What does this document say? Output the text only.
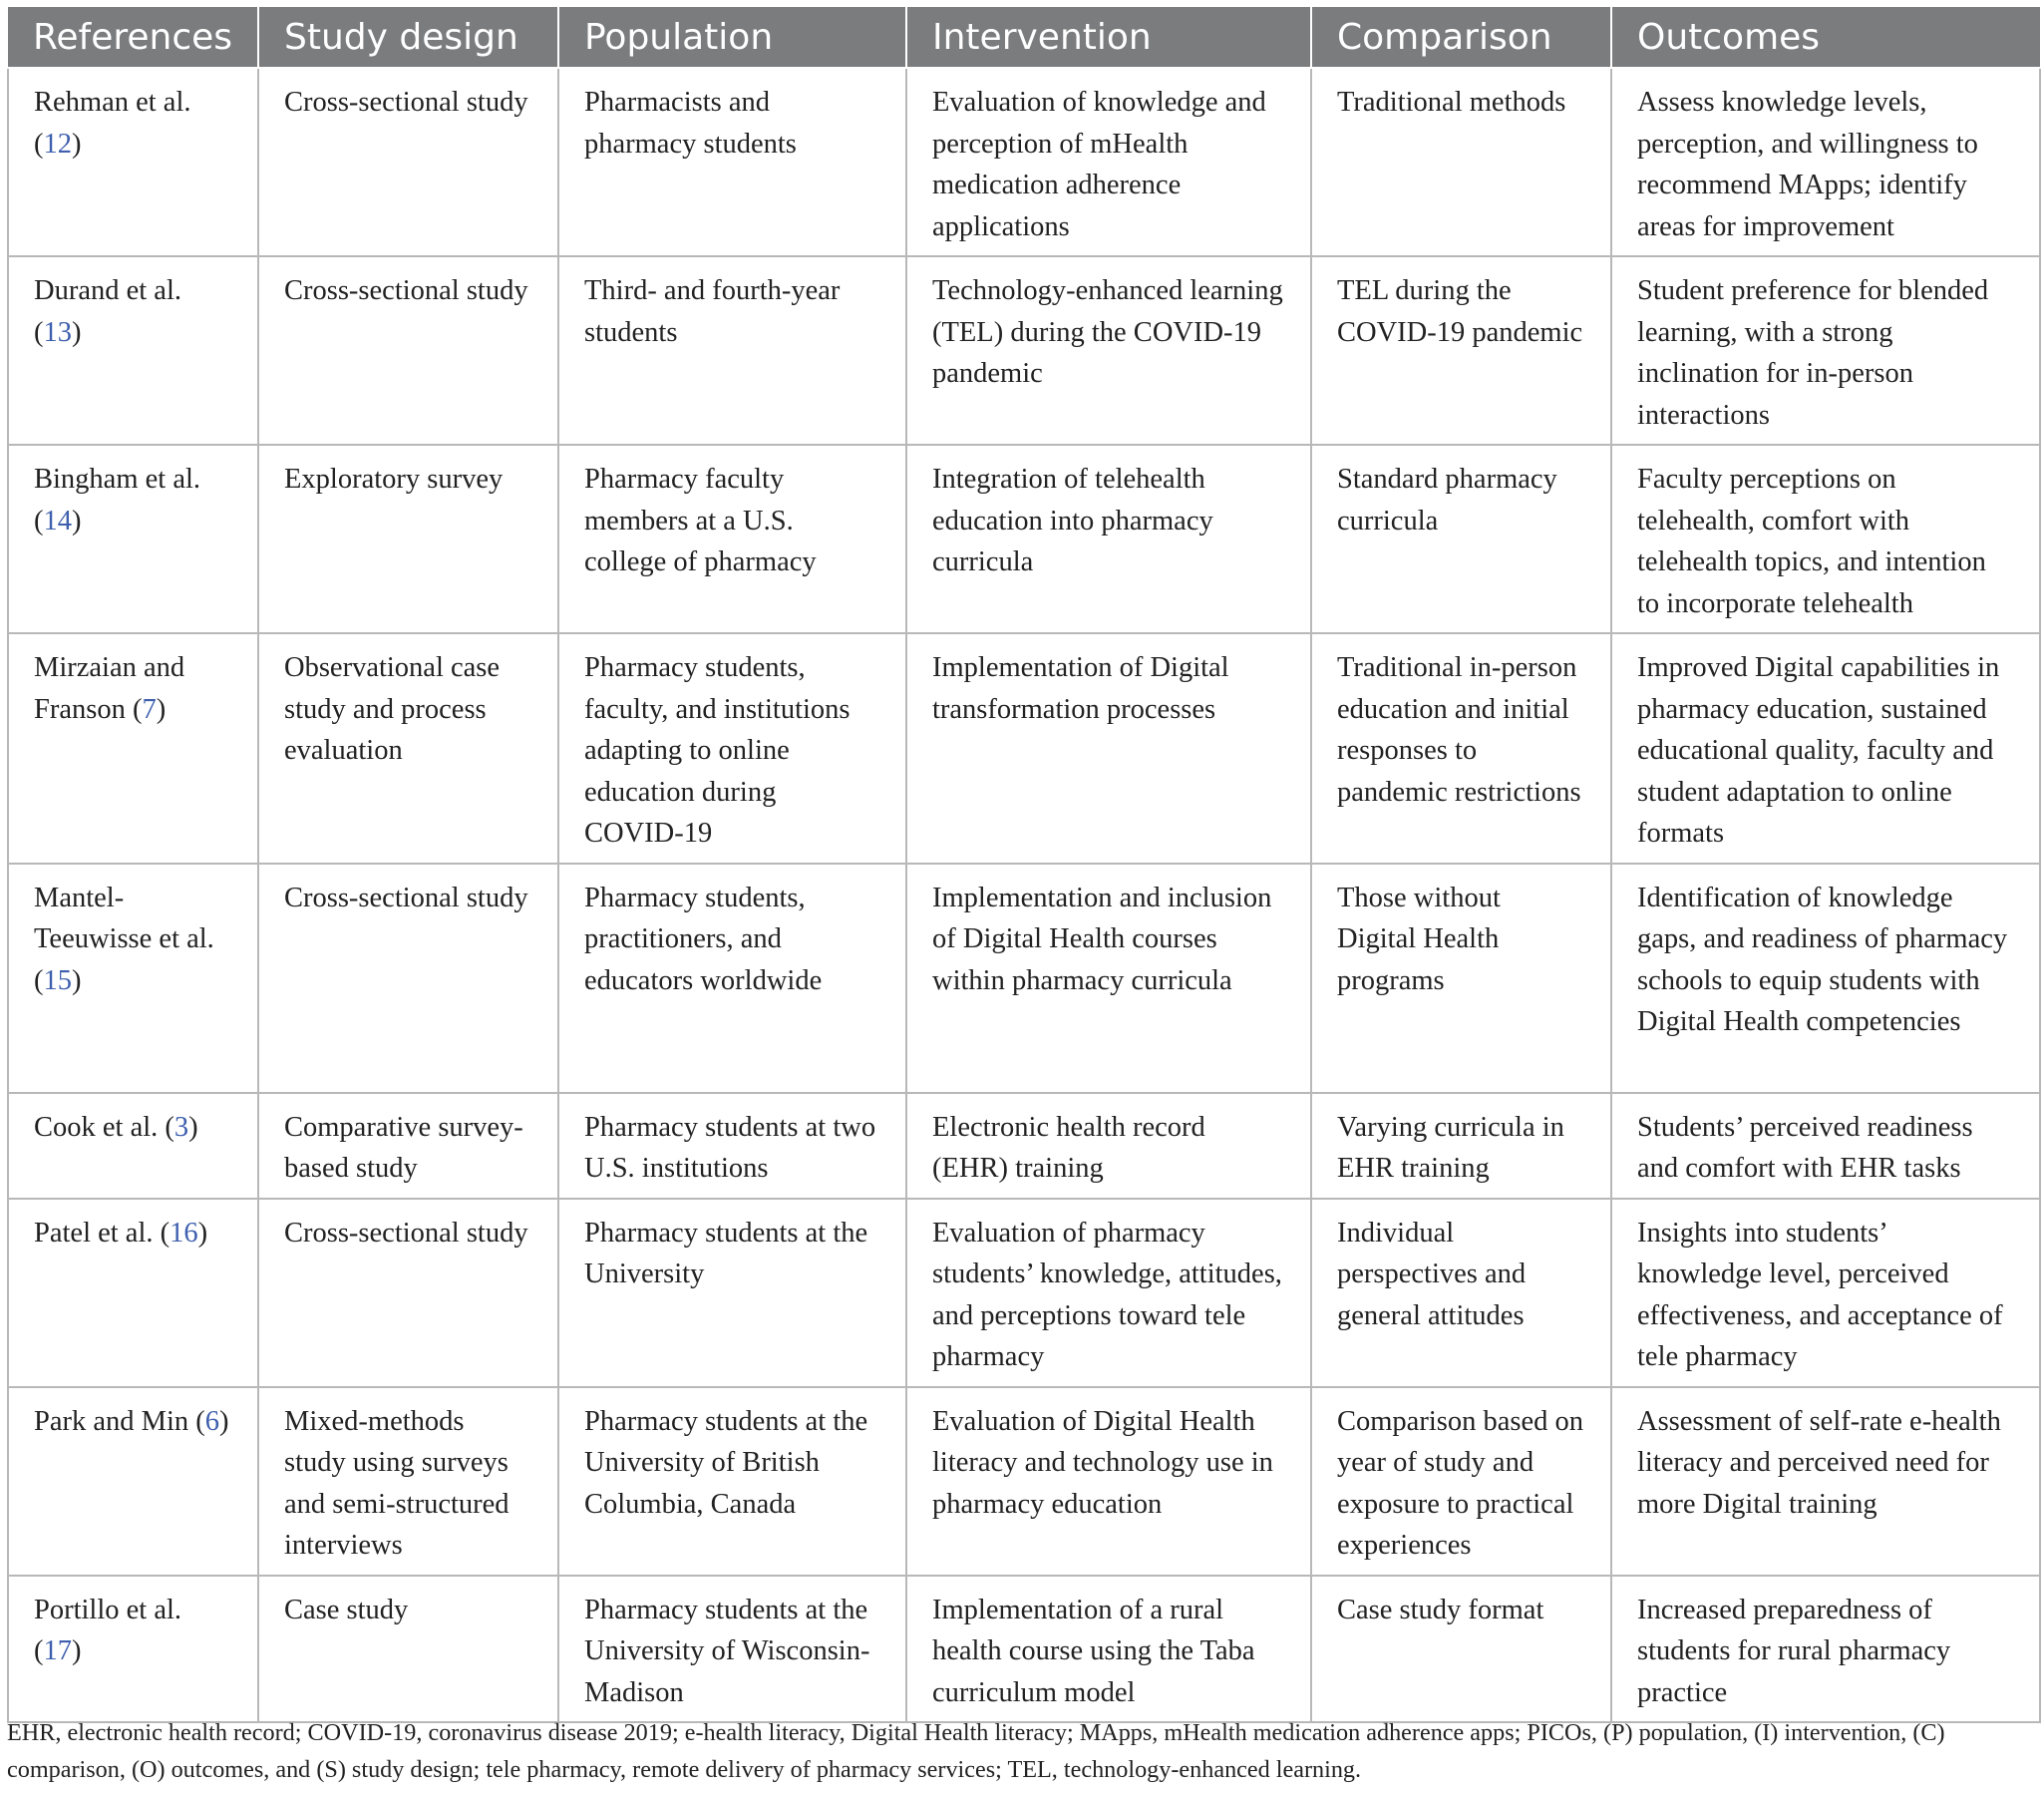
References	Study design	Population	Intervention	Comparison	Outcomes
Rehman et al. (12)	Cross-sectional study	Pharmacists and pharmacy students	Evaluation of knowledge and perception of mHealth medication adherence applications	Traditional methods	Assess knowledge levels, perception, and willingness to recommend MApps; identify areas for improvement
Durand et al. (13)	Cross-sectional study	Third- and fourth-year students	Technology-enhanced learning (TEL) during the COVID-19 pandemic	TEL during the COVID-19 pandemic	Student preference for blended learning, with a strong inclination for in-person interactions
Bingham et al. (14)	Exploratory survey	Pharmacy faculty members at a U.S. college of pharmacy	Integration of telehealth education into pharmacy curricula	Standard pharmacy curricula	Faculty perceptions on telehealth, comfort with telehealth topics, and intention to incorporate telehealth
Mirzaian and Franson (7)	Observational case study and process evaluation	Pharmacy students, faculty, and institutions adapting to online education during COVID-19	Implementation of Digital transformation processes	Traditional in-person education and initial responses to pandemic restrictions	Improved Digital capabilities in pharmacy education, sustained educational quality, faculty and student adaptation to online formats
Mantel-Teeuwisse et al. (15)	Cross-sectional study	Pharmacy students, practitioners, and educators worldwide	Implementation and inclusion of Digital Health courses within pharmacy curricula	Those without Digital Health programs	Identification of knowledge gaps, and readiness of pharmacy schools to equip students with Digital Health competencies
Cook et al. (3)	Comparative survey-based study	Pharmacy students at two U.S. institutions	Electronic health record (EHR) training	Varying curricula in EHR training	Students’ perceived readiness and comfort with EHR tasks
Patel et al. (16)	Cross-sectional study	Pharmacy students at the University	Evaluation of pharmacy students’ knowledge, attitudes, and perceptions toward tele pharmacy	Individual perspectives and general attitudes	Insights into students’ knowledge level, perceived effectiveness, and acceptance of tele pharmacy
Park and Min (6)	Mixed-methods study using surveys and semi-structured interviews	Pharmacy students at the University of British Columbia, Canada	Evaluation of Digital Health literacy and technology use in pharmacy education	Comparison based on year of study and exposure to practical experiences	Assessment of self-rate e-health literacy and perceived need for more Digital training
Portillo et al. (17)	Case study	Pharmacy students at the University of Wisconsin-Madison	Implementation of a rural health course using the Taba curriculum model	Case study format	Increased preparedness of students for rural pharmacy practice
EHR, electronic health record; COVID-19, coronavirus disease 2019; e-health literacy, Digital Health literacy; MApps, mHealth medication adherence apps; PICOs, (P) population, (I) intervention, (C) comparison, (O) outcomes, and (S) study design; tele pharmacy, remote delivery of pharmacy services; TEL, technology-enhanced learning.
